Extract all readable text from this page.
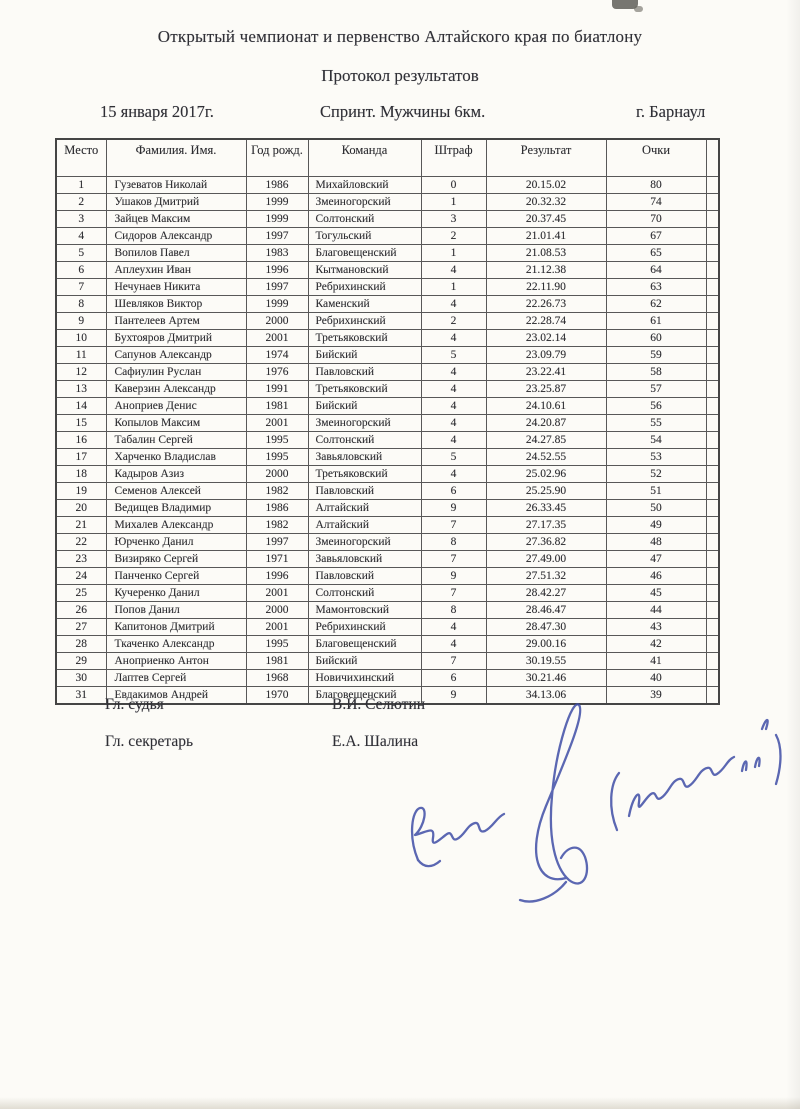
Открытый чемпионат и первенство Алтайского края по биатлону
Протокол результатов
15 января 2017г.	Спринт. Мужчины 6км.	г. Барнаул
Место	Фамилия. Имя.	Год рожд.	Команда	Штраф	Результат	Очки	
1	Гузеватов Николай	1986	Михайловский	0	20.15.02	80	
2	Ушаков Дмитрий	1999	Змеиногорский	1	20.32.32	74	
3	Зайцев Максим	1999	Солтонский	3	20.37.45	70	
4	Сидоров Александр	1997	Тогульский	2	21.01.41	67	
5	Вопилов Павел	1983	Благовещенский	1	21.08.53	65	
6	Аплеухин Иван	1996	Кытмановский	4	21.12.38	64	
7	Нечунаев Никита	1997	Ребрихинский	1	22.11.90	63	
8	Шевляков Виктор	1999	Каменский	4	22.26.73	62	
9	Пантелеев Артем	2000	Ребрихинский	2	22.28.74	61	
10	Бухтояров Дмитрий	2001	Третьяковский	4	23.02.14	60	
11	Сапунов Александр	1974	Бийский	5	23.09.79	59	
12	Сафиулин Руслан	1976	Павловский	4	23.22.41	58	
13	Каверзин Александр	1991	Третьяковский	4	23.25.87	57	
14	Аноприев Денис	1981	Бийский	4	24.10.61	56	
15	Копылов Максим	2001	Змеиногорский	4	24.20.87	55	
16	Табалин Сергей	1995	Солтонский	4	24.27.85	54	
17	Харченко Владислав	1995	Завьяловский	5	24.52.55	53	
18	Кадыров Азиз	2000	Третьяковский	4	25.02.96	52	
19	Семенов Алексей	1982	Павловский	6	25.25.90	51	
20	Ведищев Владимир	1986	Алтайский	9	26.33.45	50	
21	Михалев Александр	1982	Алтайский	7	27.17.35	49	
22	Юрченко Данил	1997	Змеиногорский	8	27.36.82	48	
23	Визиряко Сергей	1971	Завьяловский	7	27.49.00	47	
24	Панченко Сергей	1996	Павловский	9	27.51.32	46	
25	Кучеренко Данил	2001	Солтонский	7	28.42.27	45	
26	Попов Данил	2000	Мамонтовский	8	28.46.47	44	
27	Капитонов Дмитрий	2001	Ребрихинский	4	28.47.30	43	
28	Ткаченко Александр	1995	Благовещенский	4	29.00.16	42	
29	Аноприенко Антон	1981	Бийский	7	30.19.55	41	
30	Лаптев Сергей	1968	Новичихинский	6	30.21.46	40	
31	Евдакимов Андрей	1970	Благовещенский	9	34.13.06	39	
Гл. судья	В.И. Селютин
Гл. секретарь	Е.А. Шалина
